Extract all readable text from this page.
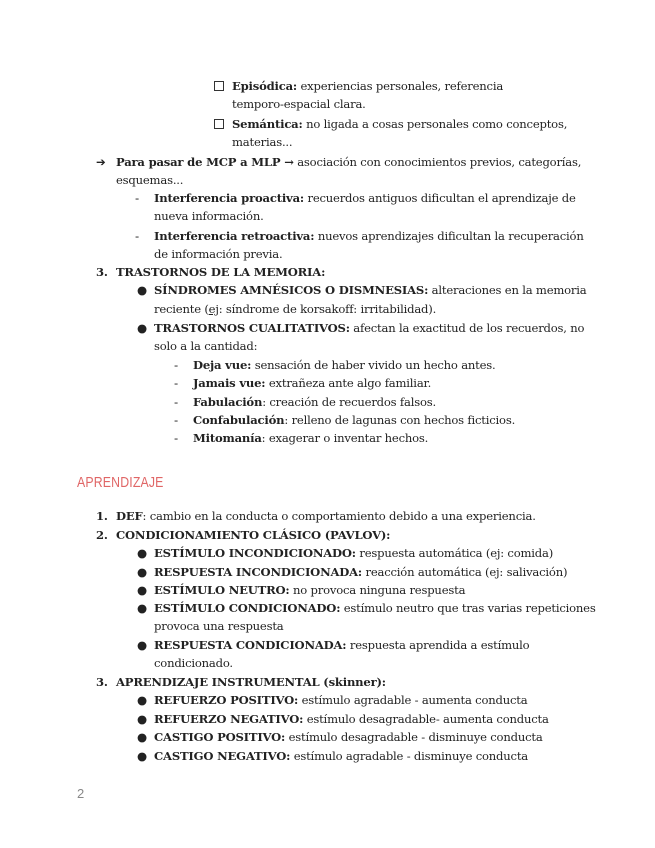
Episódica: experiencias personales, referencia
temporo-espacial clara.
Semántica: no ligada a cosas personales como conceptos,
materias...
➔ Para pasar de MCP a MLP → asociación con conocimientos previos, categorías,
esquemas...
- Interferencia proactiva: recuerdos antiguos dificultan el aprendizaje de
nueva información.
- Interferencia retroactiva: nuevos aprendizajes dificultan la recuperación
de información previa.
3. TRASTORNOS DE LA MEMORIA:
● SÍNDROMES AMNÉSICOS O DISMNESIAS: alteraciones en la memoria
reciente (ej: síndrome de korsakoff: irritabilidad).
● TRASTORNOS CUALITATIVOS: afectan la exactitud de los recuerdos, no
solo a la cantidad:
- Deja vue: sensación de haber vivido un hecho antes.
- Jamais vue: extrañeza ante algo familiar.
- Fabulación: creación de recuerdos falsos.
- Confabulación: relleno de lagunas con hechos ficticios.
- Mitomanía: exagerar o inventar hechos.
APRENDIZAJE
1. DEF: cambio en la conducta o comportamiento debido a una experiencia.
2. CONDICIONAMIENTO CLÁSICO (PAVLOV):
● ESTÍMULO INCONDICIONADO: respuesta automática (ej: comida)
● RESPUESTA INCONDICIONADA: reacción automática (ej: salivación)
● ESTÍMULO NEUTRO: no provoca ninguna respuesta
● ESTÍMULO CONDICIONADO: estímulo neutro que tras varias repeticiones
provoca una respuesta
● RESPUESTA CONDICIONADA: respuesta aprendida a estímulo
condicionado.
3. APRENDIZAJE INSTRUMENTAL (skinner):
● REFUERZO POSITIVO: estímulo agradable - aumenta conducta
● REFUERZO NEGATIVO: estímulo desagradable- aumenta conducta
● CASTIGO POSITIVO: estímulo desagradable - disminuye conducta
● CASTIGO NEGATIVO: estímulo agradable - disminuye conducta
2
